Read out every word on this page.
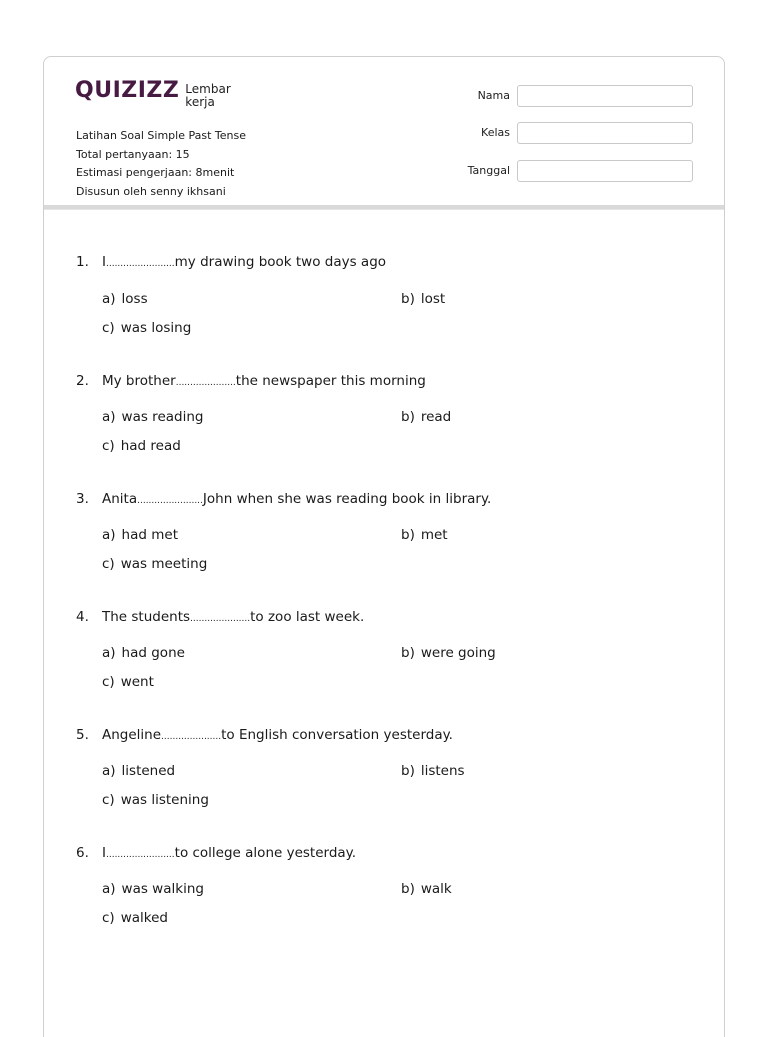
QUIZIZZ Lembar
kerja
Latihan Soal Simple Past Tense
Total pertanyaan: 15
Estimasi pengerjaan: 8menit
Disusun oleh senny ikhsani
Nama
Kelas
Tanggal
1. I........................my drawing book two days ago
a) loss	b) lost
c) was losing
2. My brother.....................the newspaper this morning
a) was reading	b) read
c) had read
3. Anita.......................John when she was reading book in library.
a) had met	b) met
c) was meeting
4. The students.....................to zoo last week.
a) had gone	b) were going
c) went
5. Angeline.....................to English conversation yesterday.
a) listened	b) listens
c) was listening
6. I........................to college alone yesterday.
a) was walking	b) walk
c) walked
